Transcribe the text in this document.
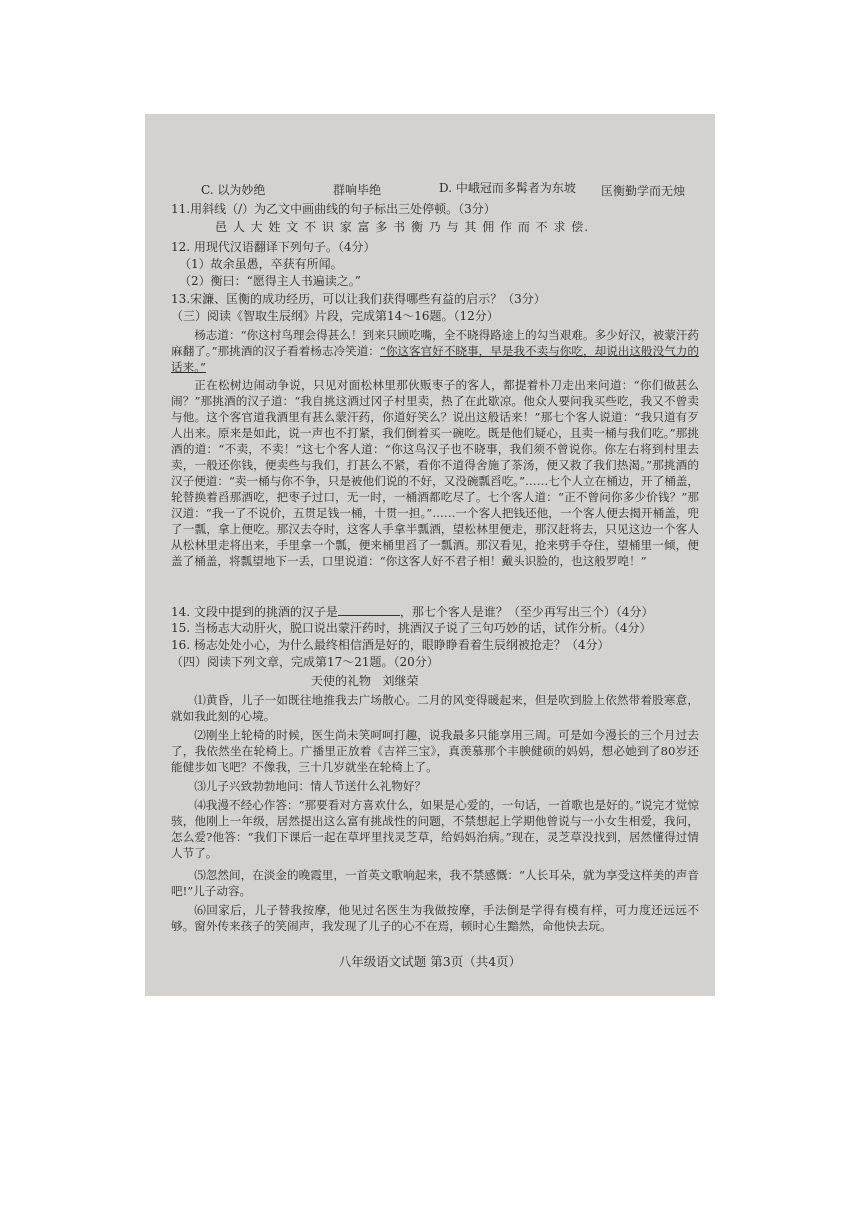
C. 以为妙绝	群响毕绝	D. 中峨冠而多髯者为东坡 匡衡勤学而无烛
11.用斜线（/）为乙文中画曲线的句子标出三处停顿。（3分）
邑 人 大 姓 文 不 识 家 富 多 书 衡 乃 与 其 佣 作 而 不 求 偿.
12. 用现代汉语翻译下列句子。（4分）
（1）故余虽愚，卒获有所闻。
（2）衡曰：“愿得主人书遍读之。”
13.宋濂、匡衡的成功经历，可以让我们获得哪些有益的启示？（3分）
（三）阅读《智取生辰纲》片段，完成第14～16题。（12分）
杨志道：“你这村鸟理会得甚么！到来只顾吃嘴，全不晓得路途上的勾当艰难。多少好汉，被蒙汗药麻翻了。”那挑酒的汉子看着杨志冷笑道：“你这客官好不晓事，早是我不卖与你吃，却说出这般没气力的话来。”
正在松树边闹动争说，只见对面松林里那伙贩枣子的客人，都提着朴刀走出来问道：“你们做甚么闹？”那挑酒的汉子道：“我自挑这酒过冈子村里卖，热了在此歇凉。他众人要问我买些吃，我又不曾卖与他。这个客官道我酒里有甚么蒙汗药，你道好笑么？说出这般话来！”那七个客人说道：“我只道有歹人出来。原来是如此，说一声也不打紧，我们倒着买一碗吃。既是他们疑心，且卖一桶与我们吃。”那挑酒的道：“不卖，不卖！”这七个客人道：“你这鸟汉子也不晓事，我们须不曾说你。你左右将到村里去卖，一般还你钱，便卖些与我们，打甚么不紧，看你不道得舍施了茶汤，便又救了我们热渴。”那挑酒的汉子便道：“卖一桶与你不争，只是被他们说的不好，又没碗瓢舀吃。”……七个人立在桶边，开了桶盖，轮替换着舀那酒吃，把枣子过口，无一时，一桶酒都吃尽了。七个客人道：“正不曾问你多少价钱？”那汉道：“我一了不说价，五贯足钱一桶，十贯一担。”……一个客人把钱还他，一个客人便去揭开桶盖，兜了一瓢，拿上便吃。那汉去夺时，这客人手拿半瓢酒，望松林里便走，那汉赶将去，只见这边一个客人从松林里走将出来，手里拿一个瓢，便来桶里舀了一瓢酒。那汉看见，抢来劈手夺住，望桶里一倾，便盖了桶盖，将瓢望地下一丢，口里说道：“你这客人好不君子相！戴头识脸的，也这般罗唣！”
14. 文段中提到的挑酒的汉子是	，那七个客人是谁？（至少再写出三个）（4分）
15. 当杨志大动肝火，脱口说出蒙汗药时，挑酒汉子说了三句巧妙的话，试作分析。（4分）
16. 杨志处处小心，为什么最终相信酒是好的，眼睁睁看着生辰纲被抢走？（4分）
（四）阅读下列文章，完成第17～21题。（20分）
天使的礼物 刘继荣
⑴黄昏，儿子一如既往地推我去广场散心。二月的风变得暖起来，但是吹到脸上依然带着股寒意，就如我此刻的心境。
⑵刚坐上轮椅的时候，医生尚未笑呵呵打趣，说我最多只能享用三周。可是如今漫长的三个月过去了，我依然坐在轮椅上。广播里正放着《吉祥三宝》，真羡慕那个丰腴健硕的妈妈，想必她到了80岁还能健步如飞吧？不像我，三十几岁就坐在轮椅上了。
⑶儿子兴致勃勃地问：情人节送什么礼物好？
⑷我漫不经心作答：“那要看对方喜欢什么，如果是心爱的，一句话，一首歌也是好的。”说完才觉惊骇，他刚上一年级，居然提出这么富有挑战性的问题，不禁想起上学期他曾说与一小女生相爱，我问，怎么爱?他答：“我们下课后一起在草坪里找灵芝草，给妈妈治病。”现在，灵芝草没找到，居然懂得过情人节了。
⑸忽然间，在淡金的晚霞里，一首英文歌响起来，我不禁感慨：“人长耳朵，就为享受这样美的声音吧!”儿子动容。
⑹回家后，儿子替我按摩，他见过名医生为我做按摩，手法倒是学得有模有样，可力度还远远不够。窗外传来孩子的笑闹声，我发现了儿子的心不在焉，顿时心生黯然，命他快去玩。
八年级语文试题 第3页（共4页）
